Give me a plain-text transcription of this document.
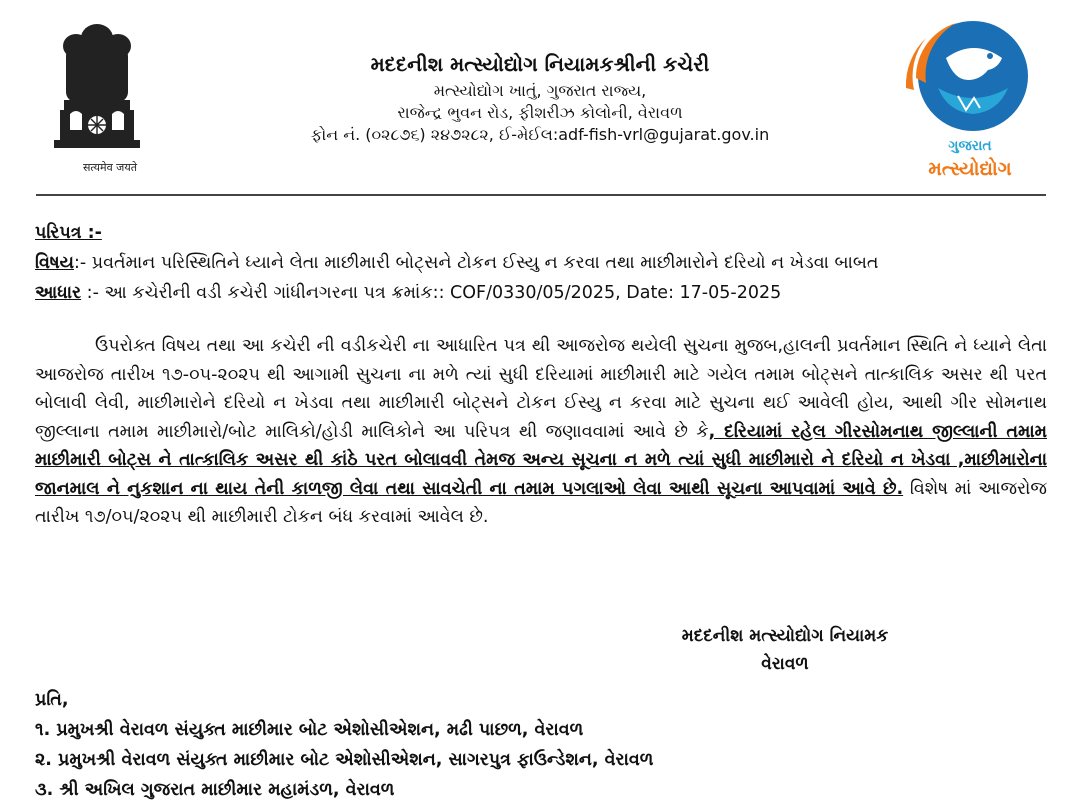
सत्यमेव जयते
ગુજરાત
મત્સ્યોદ્યોગ

મદદનીશ મત્સ્યોદ્યોગ નિયામકશ્રીની કચેરી

મત્સ્યોદ્યોગ ખાતું, ગુજરાત રાજ્ય,

રાજેન્દ્ર ભુવન રોડ, ફીશરીઝ કોલોની, વેરાવળ

ફોન નં. (૦૨૮૭૬) ૨૪૭૨૮૨, ઈ-મેઈલ:adf-fish-vrl@gujarat.gov.in

પરિપત્ર :-

વિષય:- પ્રવર્તમાન પરિસ્થિતિને ધ્યાને લેતા માછીમારી બોટ્સને ટોકન ઈસ્યુ ન કરવા તથા માછીમારોને દરિયો ન ખેડવા બાબત

આધાર :- આ કચેરીની વડી કચેરી ગાંધીનગરના પત્ર ક્રમાંક:: COF/0330/05/2025, Date: 17-05-2025

ઉપરોક્ત વિષય તથા આ કચેરી ની વડીકચેરી ના આધારિત પત્ર થી આજરોજ થયેલી સુચના મુજબ,હાલની પ્રવર્તમાન સ્થિતિ ને ધ્યાને લેતા આજરોજ તારીખ ૧૭-૦૫-૨૦૨૫ થી આગામી સુચના ના મળે ત્યાં સુધી દરિયામાં માછીમારી માટે ગયેલ તમામ બોટ્સને તાત્કાલિક અસર થી પરત બોલાવી લેવી, માછીમારોને દરિયો ન ખેડવા તથા માછીમારી બોટ્સને ટોકન ઈસ્યુ ન કરવા માટે સુચના થઈ આવેલી હોય, આથી ગીર સોમનાથ જીલ્લાના તમામ માછીમારો/બોટ માલિકો/હોડી માલિકોને આ પરિપત્ર થી જણાવવામાં આવે છે કે, દરિયામાં રહેલ ગીરસોમનાથ જીલ્લાની તમામ માછીમારી બોટ્સ ને તાત્કાલિક અસર થી કાંઠે પરત બોલાવવી તેમજ અન્ય સૂચના ન મળે ત્યાં સુધી માછીમારો ને દરિયો ન ખેડવા ,માછીમારોના જાનમાલ ને નુકશાન ના થાય તેની કાળજી લેવા તથા સાવચેતી ના તમામ પગલાઓ લેવા આથી સૂચના આપવામાં આવે છે. વિશેષ માં આજરોજ તારીખ ૧૭/૦૫/૨૦૨૫ થી માછીમારી ટોકન બંધ કરવામાં આવેલ છે.

મદદનીશ મત્સ્યોદ્યોગ નિયામક
વેરાવળ

પ્રતિ,

૧. પ્રમુખશ્રી વેરાવળ સંયુક્ત માછીમાર બોટ એશોસીએશન, મઢી પાછળ, વેરાવળ

૨. પ્રમુખશ્રી વેરાવળ સંયુક્ત માછીમાર બોટ એશોસીએશન, સાગરપુત્ર ફાઉન્ડેશન, વેરાવળ

૩. શ્રી અખિલ ગુજરાત માછીમાર મહામંડળ, વેરાવળ
